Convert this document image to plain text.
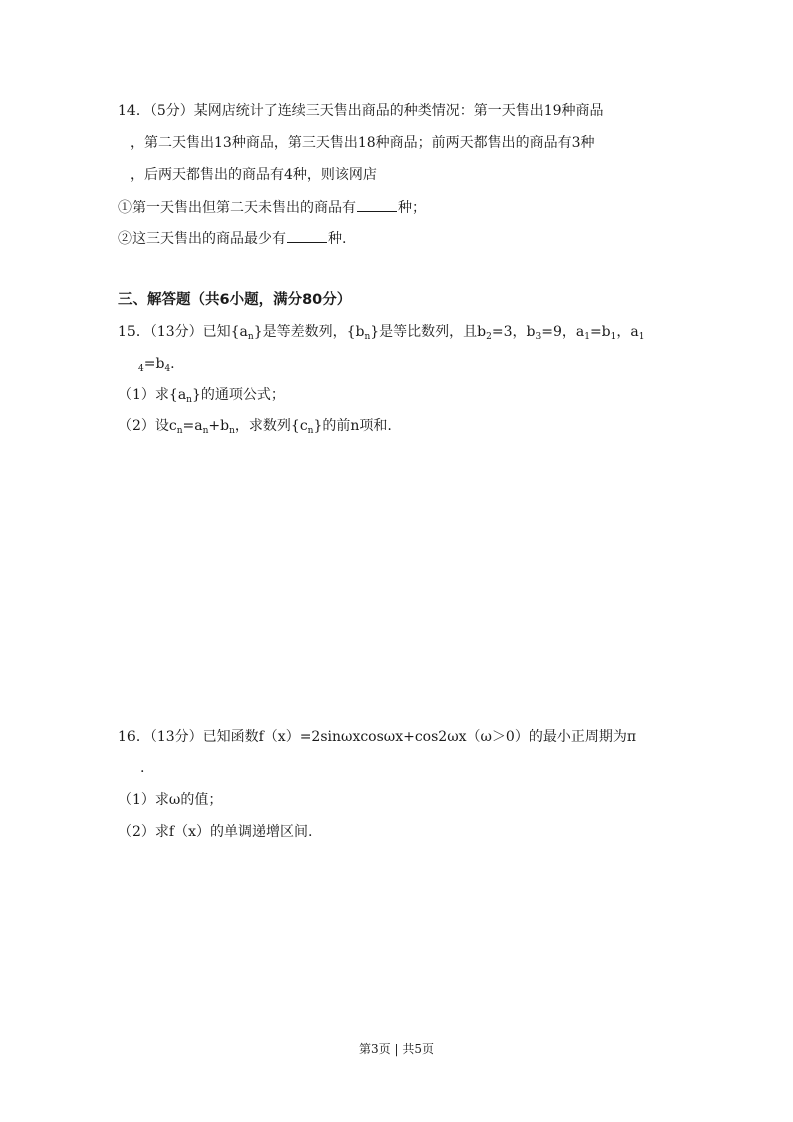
14．（5分）某网店统计了连续三天售出商品的种类情况：第一天售出19种商品
，第二天售出13种商品，第三天售出18种商品；前两天都售出的商品有3种
，后两天都售出的商品有4种，则该网店
①第一天售出但第二天未售出的商品有	种；
②这三天售出的商品最少有	种.
三、解答题（共6小题，满分80分）
15．（13分）已知$\{a_n\}$是等差数列，$\{b_n\}$是等比数列，且$b_2=3$，$b_3=9$，$a_1=b_1$，$a_1$
$_4=b_4$.
（1）求$\{a_n\}$的通项公式；
（2）设$c_n=a_n+b_n$，求数列$\{c_n\}$的前n项和.
16．（13分）已知函数f（x）=2sinωxcosωx+cos2ωx（ω＞0）的最小正周期为π
.
（1）求ω的值；
（2）求f（x）的单调递增区间.
第3页 | 共5页
